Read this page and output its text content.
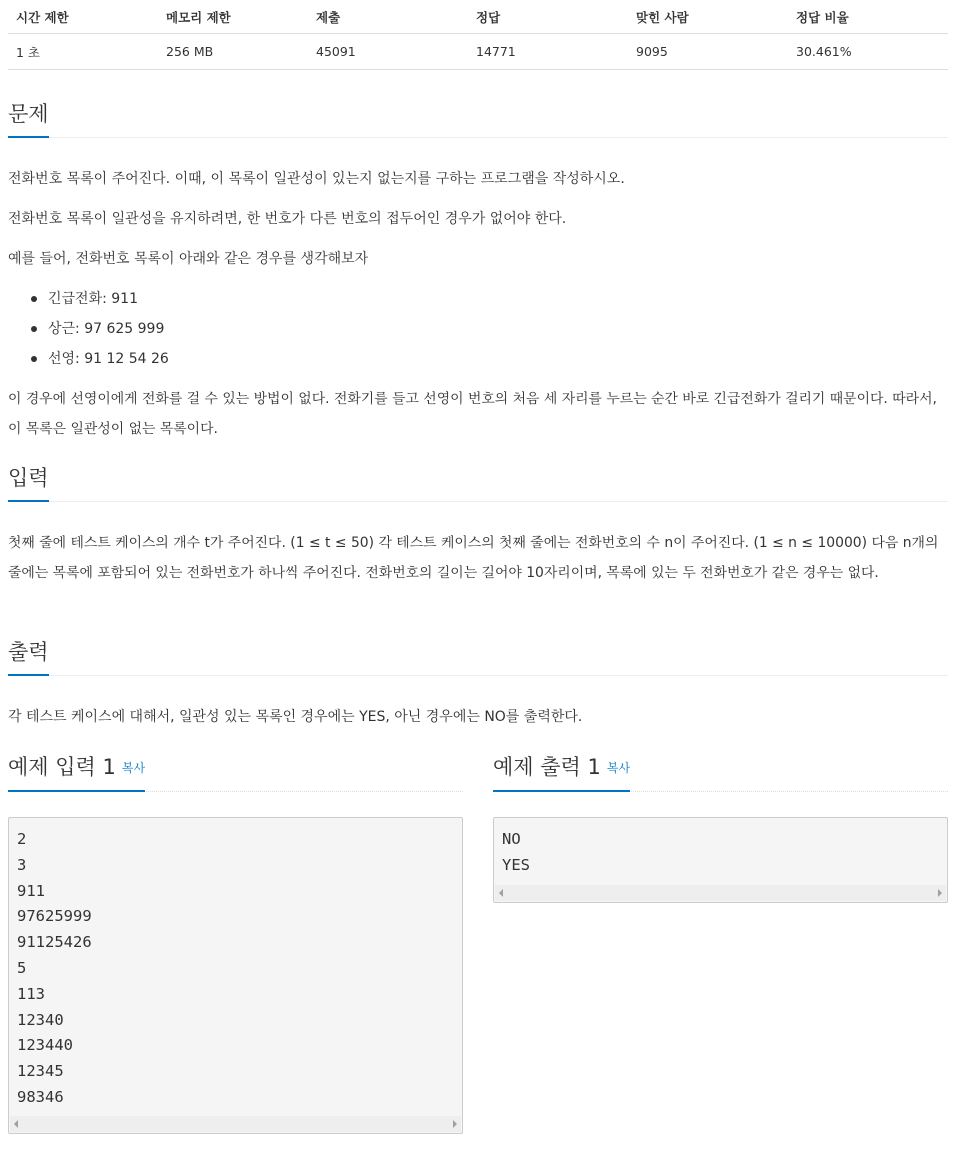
시간 제한	메모리 제한	제출	정답	맞힌 사람	정답 비율
1 초	256 MB	45091	14771	9095	30.461%
문제
전화번호 목록이 주어진다. 이때, 이 목록이 일관성이 있는지 없는지를 구하는 프로그램을 작성하시오.
전화번호 목록이 일관성을 유지하려면, 한 번호가 다른 번호의 접두어인 경우가 없어야 한다.
예를 들어, 전화번호 목록이 아래와 같은 경우를 생각해보자
긴급전화: 911
상근: 97 625 999
선영: 91 12 54 26
이 경우에 선영이에게 전화를 걸 수 있는 방법이 없다. 전화기를 들고 선영이 번호의 처음 세 자리를 누르는 순간 바로 긴급전화가 걸리기 때문이다. 따라서, 이 목록은 일관성이 없는 목록이다.
입력
첫째 줄에 테스트 케이스의 개수 t가 주어진다. (1 ≤ t ≤ 50) 각 테스트 케이스의 첫째 줄에는 전화번호의 수 n이 주어진다. (1 ≤ n ≤ 10000) 다음 n개의 줄에는 목록에 포함되어 있는 전화번호가 하나씩 주어진다. 전화번호의 길이는 길어야 10자리이며, 목록에 있는 두 전화번호가 같은 경우는 없다.
출력
각 테스트 케이스에 대해서, 일관성 있는 목록인 경우에는 YES, 아닌 경우에는 NO를 출력한다.
예제 입력 1 복사	예제 출력 1 복사
2
3
911
97625999
91125426
5
113
12340
123440
12345
98346
NO
YES
